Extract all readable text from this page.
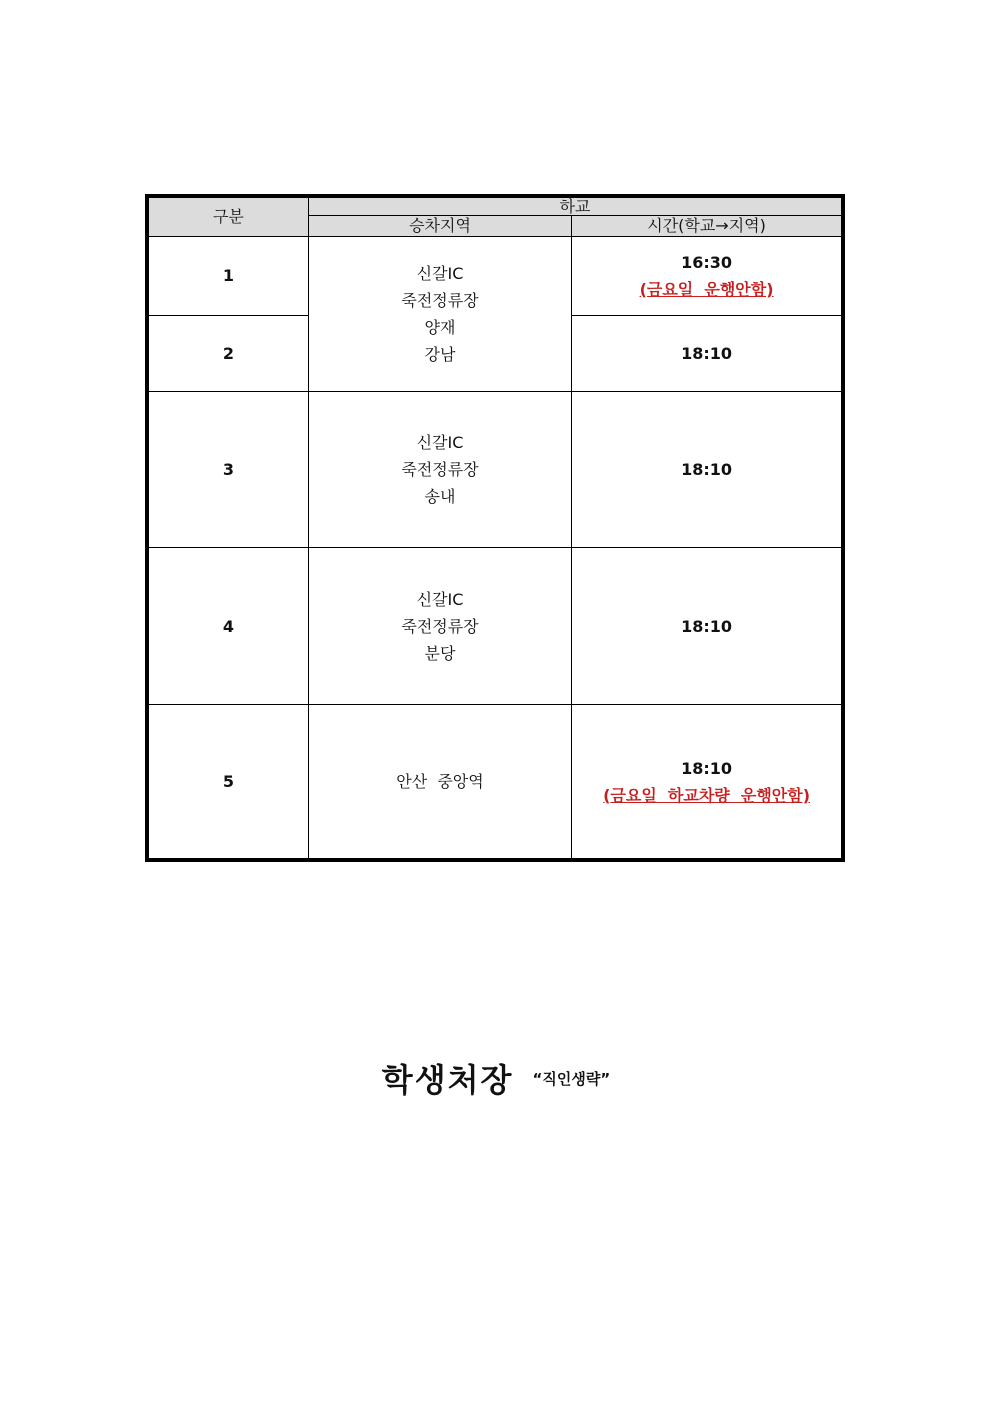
구분	하교	
	승차지역	시간(학교→지역)
1	신갈IC
죽전정류장
양재
강남	16:30
(금요일  운행안함)

2		18:10

3	신갈IC
죽전정류장
송내	18:10

4	신갈IC
죽전정류장
분당	18:10

5	안산  중앙역	18:10
(금요일  하교차량  운행안함)
학생처장 “직인생략”
